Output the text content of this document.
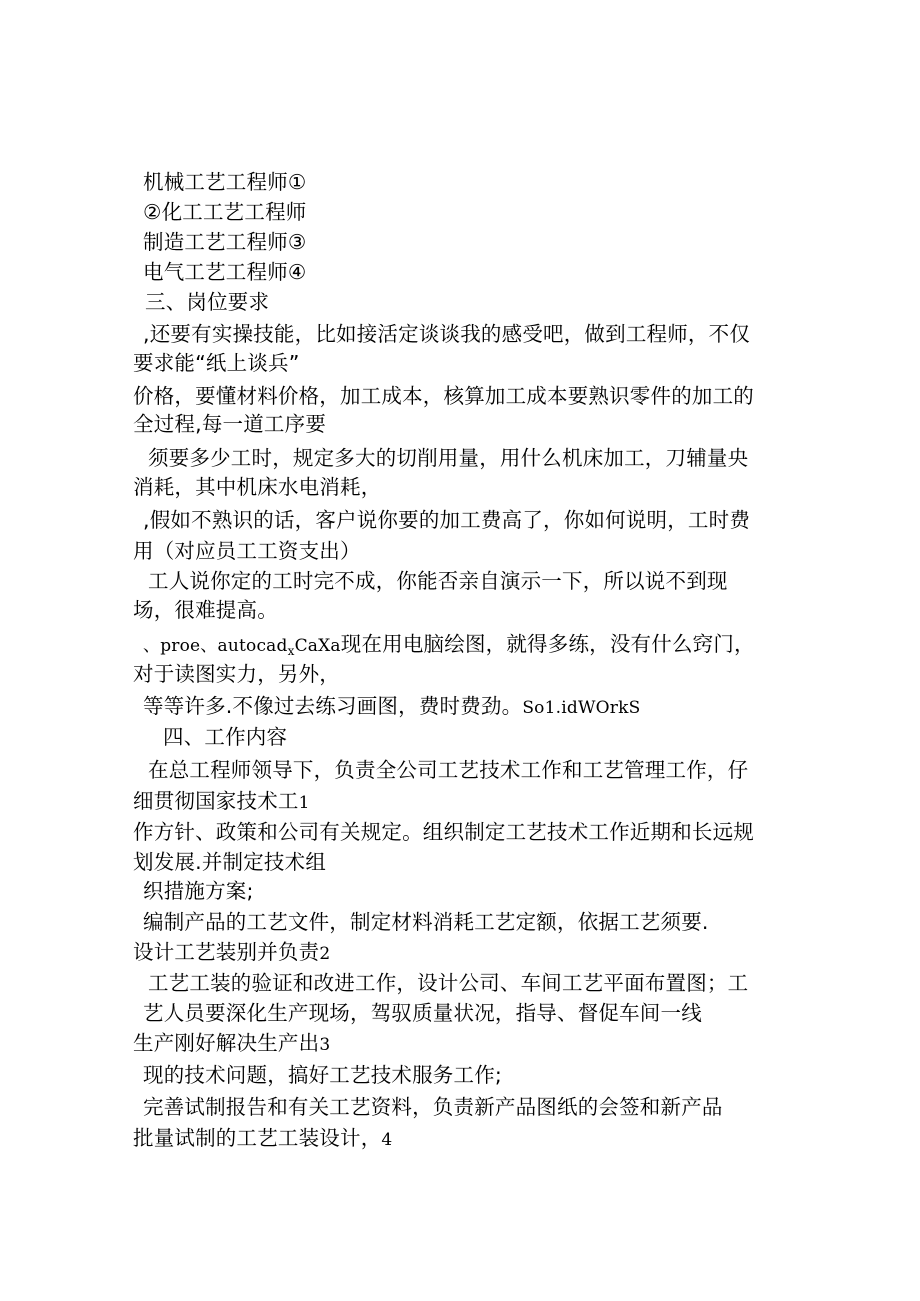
机械工艺工程师①
②化工工艺工程师
制造工艺工程师③
电气工艺工程师④
三、岗位要求
,还要有实操技能，比如接活定谈谈我的感受吧，做到工程师，不仅
要求能“纸上谈兵”
价格，要懂材料价格，加工成本，核算加工成本要熟识零件的加工的
全过程,每一道工序要
须要多少工时，规定多大的切削用量，用什么机床加工，刀辅量央
消耗，其中机床水电消耗，
,假如不熟识的话，客户说你要的加工费高了，你如何说明，工时费
用（对应员工工资支出）
工人说你定的工时完不成，你能否亲自演示一下，所以说不到现
场，很难提高。
、proe、autocadxCaXa现在用电脑绘图，就得多练，没有什么窍门，
对于读图实力，另外，
等等许多.不像过去练习画图，费时费劲。So1.idWOrkS
四、工作内容
在总工程师领导下，负责全公司工艺技术工作和工艺管理工作，仔
细贯彻国家技术工1
作方针、政策和公司有关规定。组织制定工艺技术工作近期和长远规
划发展.并制定技术组
织措施方案;
编制产品的工艺文件，制定材料消耗工艺定额，依据工艺须要.
设计工艺装别并负责2
工艺工装的验证和改进工作，设计公司、车间工艺平面布置图；工
艺人员要深化生产现场，驾驭质量状况，指导、督促车间一线
生产刚好解决生产出3
现的技术问题，搞好工艺技术服务工作;
完善试制报告和有关工艺资料，负责新产品图纸的会签和新产品
批量试制的工艺工装设计，4
